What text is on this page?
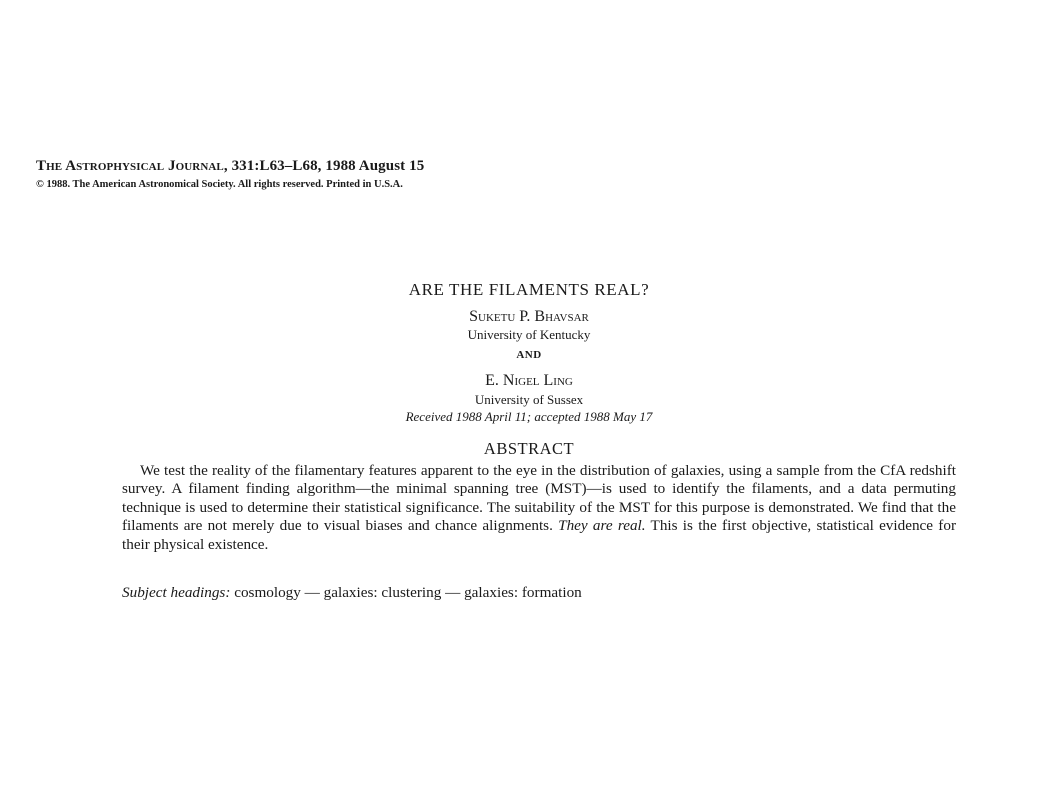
The Astrophysical Journal, 331:L63–L68, 1988 August 15
© 1988. The American Astronomical Society. All rights reserved. Printed in U.S.A.
ARE THE FILAMENTS REAL?
Suketu P. Bhavsar
University of Kentucky
AND
E. Nigel Ling
University of Sussex
Received 1988 April 11; accepted 1988 May 17
ABSTRACT

We test the reality of the filamentary features apparent to the eye in the distribution of galaxies, using a sample from the CfA redshift survey. A filament finding algorithm—the minimal spanning tree (MST)—is used to identify the filaments, and a data permuting technique is used to determine their statistical significance. The suitability of the MST for this purpose is demonstrated. We find that the filaments are not merely due to visual biases and chance alignments. They are real. This is the first objective, statistical evidence for their physical existence.

Subject headings: cosmology — galaxies: clustering — galaxies: formation
